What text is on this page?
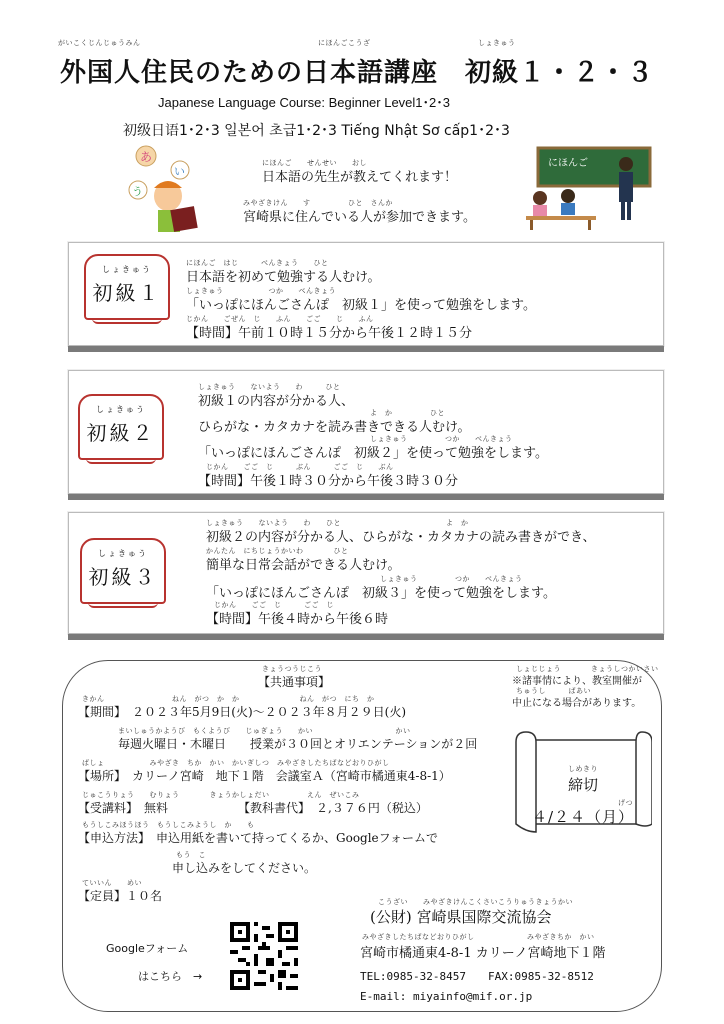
がいこくじんじゅうみん	にほんごこうざ	しょきゅう
外国人住民のための日本語講座　初級１・２・３
Japanese Language Course: Beginner Level1･2･3
初级日语1･2･3 일본어 초급1･2･3 Tiếng Nhật Sơ cấp1･2･3
あ
い
う
にほんご　　せんせい　　おし
日本語の先生が教えてくれます！
みやざきけん　　す　　　　　ひと　さんか
宮崎県に住んでいる人が参加できます。
にほんご
しょきゅう
初級１
にほんご　はじ　　　べんきょう　　ひと
日本語を初めて勉強する人むけ。
しょきゅう　　　　　　つか　　べんきょう
「いっぽにほんごさんぽ　初級１」を使って勉強をします。
じかん　　ごぜん　じ　　ふん　　ごご　　じ　　ふん
【時間】午前１０時１５分から午後１２時１５分
しょきゅう
初級２
しょきゅう　　ないよう　　わ　　　ひと
初級１の内容が分かる人、
よ　か　　　　　ひと
ひらがな・カタカナを読み書きできる人むけ。
しょきゅう　　　　　つか　　べんきょう
「いっぽにほんごさんぽ　初級２」を使って勉強をします。
じかん　　ごご　じ　　　ぶん　　　ごご　じ　　ぶん
【時間】午後１時３０分から午後３時３０分
しょきゅう
初級３
しょきゅう　　ないよう　　わ　　ひと　　　　　　　　　　　　　　よ　か
初級２の内容が分かる人、ひらがな・カタカナの読み書きができ、
かんたん　にちじょうかいわ　　　　ひと
簡単な日常会話ができる人むけ。
しょきゅう　　　　　つか　　べんきょう
「いっぽにほんごさんぽ　初級３」を使って勉強をします。
じかん　　ごご　じ　　　ごご　じ
【時間】午後４時から午後６時
きょうつうじこう
【共通事項】
きかん　　　　　　　　　ねん　がつ　か　か　　　　　　　　ねん　がつ　にち　か
【期間】　２０２３年5月9日(火)～２０２３年８月２９日(火)
まいしゅうかようび　もくようび　　じゅぎょう　　かい　　　　　　　　　　　かい
毎週火曜日・木曜日　　授業が３０回とオリエンテーションが２回
ばしょ　　　　　　みやざき　ちか　かい　かいぎしつ　みやざきしたちばなどおりひがし
【場所】　カリーノ宮崎　地下１階　会議室Ａ（宮崎市橘通東4-8-1）
じゅこうりょう　　むりょう　　　　きょうかしょだい　　　　　えん　ぜいこみ
【受講料】　無料	【教科書代】　２,３７６円（税込）
もうしこみほうほう　もうしこみようし　か　　も
【申込方法】　申込用紙を書いて持ってくるか、Googleフォームで
もう　こ
申し込みをしてください。
ていいん　　めい
【定員】１０名
しょじじょう　　　　きょうしつかいさい
※諸事情により、教室開催が
ちゅうし　　　ばあい
中止になる場合があります。
しめきり
締切
げつ
４/２４（月）
こうざい　　みやざきけんこくさいこうりゅうきょうかい
(公財) 宮崎県国際交流協会
みやざきしたちばなどおりひがし　　　　　　　みやざきちか　かい
宮崎市橘通東4-8-1 カリーノ宮崎地下１階
TEL:0985-32-8457　　FAX:0985-32-8512
E-mail: miyainfo@mif.or.jp
Googleフォーム
はこちら　→
